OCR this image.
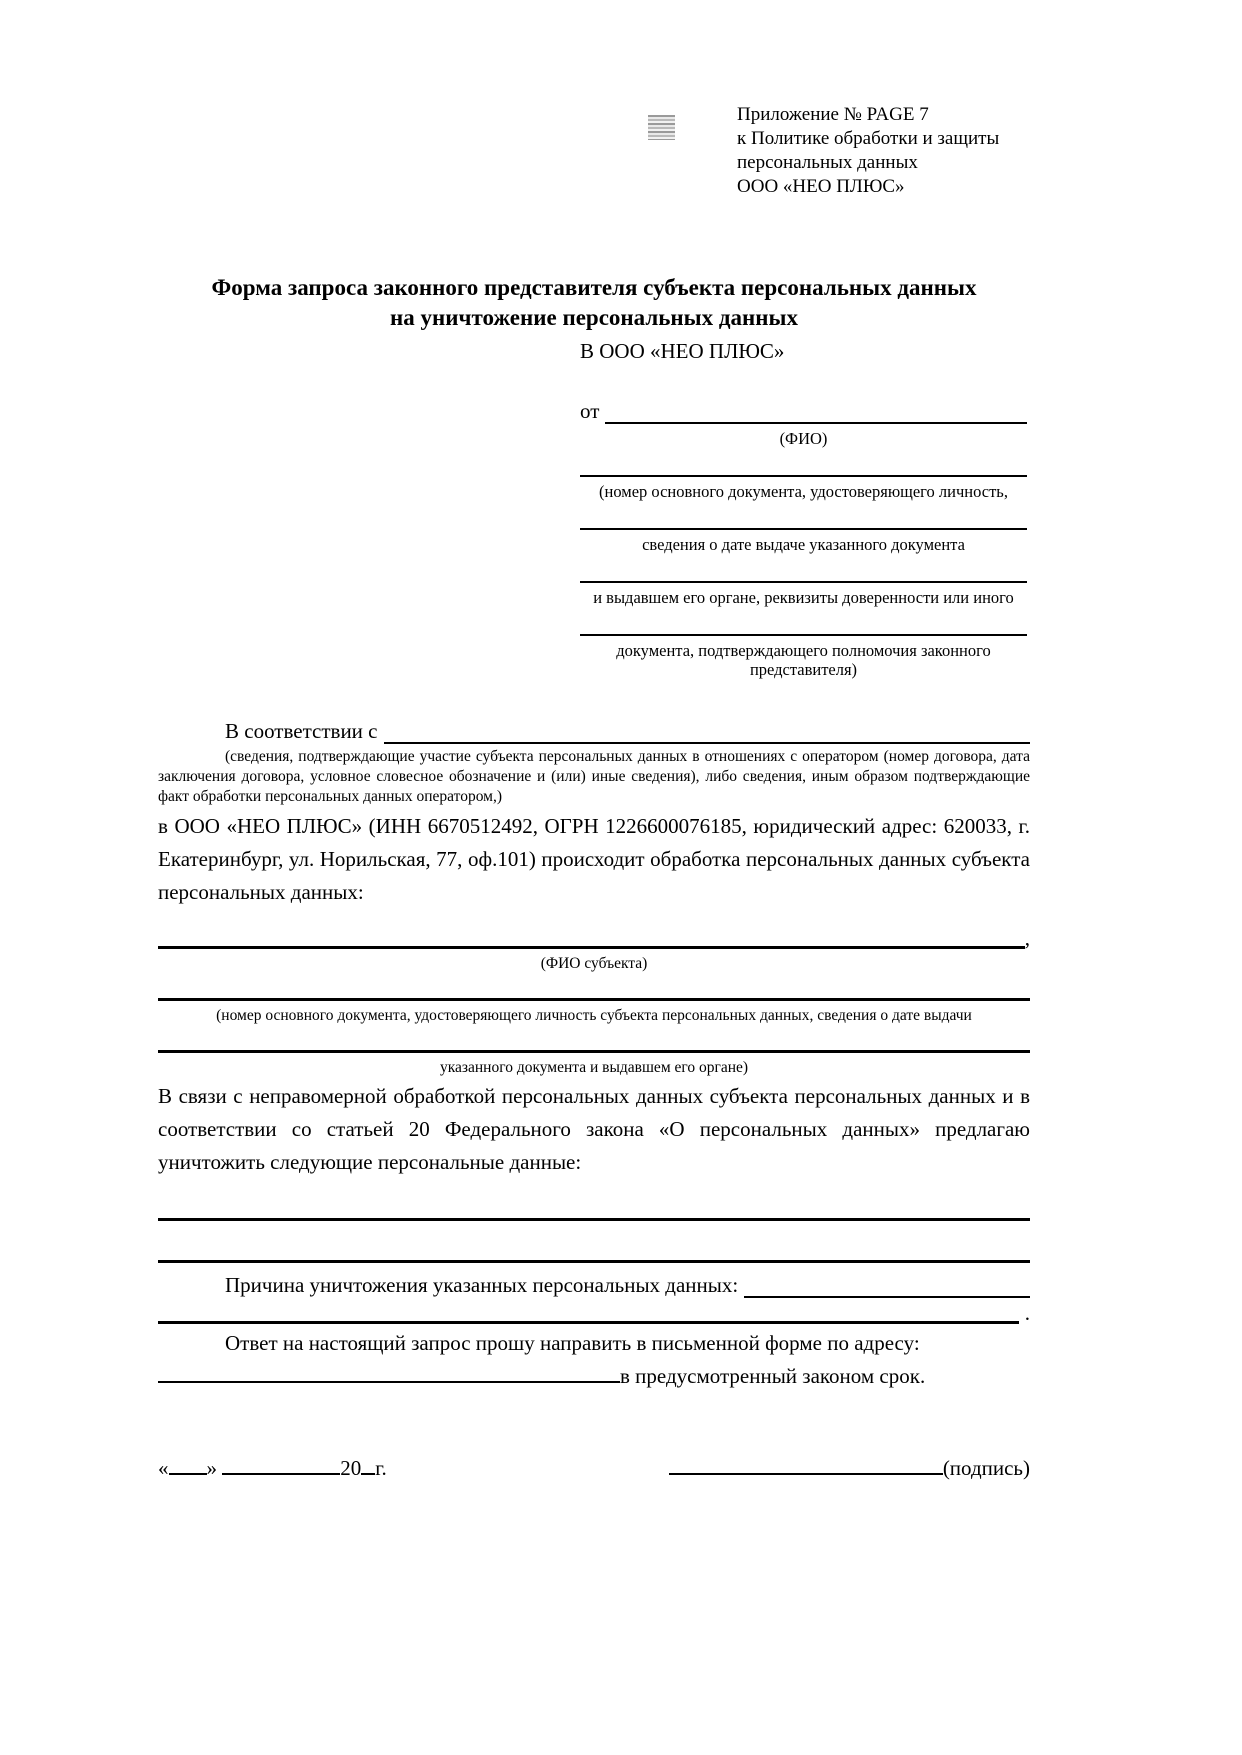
Приложение № PAGE 7
к Политике обработки и защиты
персональных данных
ООО «НЕО ПЛЮС»
Форма запроса законного представителя субъекта персональных данных
на уничтожение персональных данных
В ООО «НЕО ПЛЮС»
от
(ФИО)
(номер основного документа, удостоверяющего личность,
сведения о дате выдаче указанного документа
и выдавшем его органе, реквизиты доверенности или иного
документа, подтверждающего полномочия законного представителя)
В соответствии с
(сведения, подтверждающие участие субъекта персональных данных в отношениях с оператором (номер договора, дата заключения договора, условное словесное обозначение и (или) иные сведения), либо сведения, иным образом подтверждающие факт обработки персональных данных оператором,)
в ООО «НЕО ПЛЮС» (ИНН 6670512492, ОГРН 1226600076185, юридический адрес: 620033, г. Екатеринбург, ул. Норильская, 77, оф.101) происходит обработка персональных данных субъекта персональных данных:
,
(ФИО субъекта)
(номер основного документа, удостоверяющего личность субъекта персональных данных, сведения о дате выдачи
указанного документа и выдавшем его органе)
В связи с неправомерной обработкой персональных данных субъекта персональных данных и в соответствии со статьей 20 Федерального закона «О персональных данных» предлагаю уничтожить следующие персональные данные:
Причина уничтожения указанных персональных данных:
.
Ответ на настоящий запрос прошу направить в письменной форме по адресу:
в предусмотренный законом срок.
« »	20 г.	(подпись)
